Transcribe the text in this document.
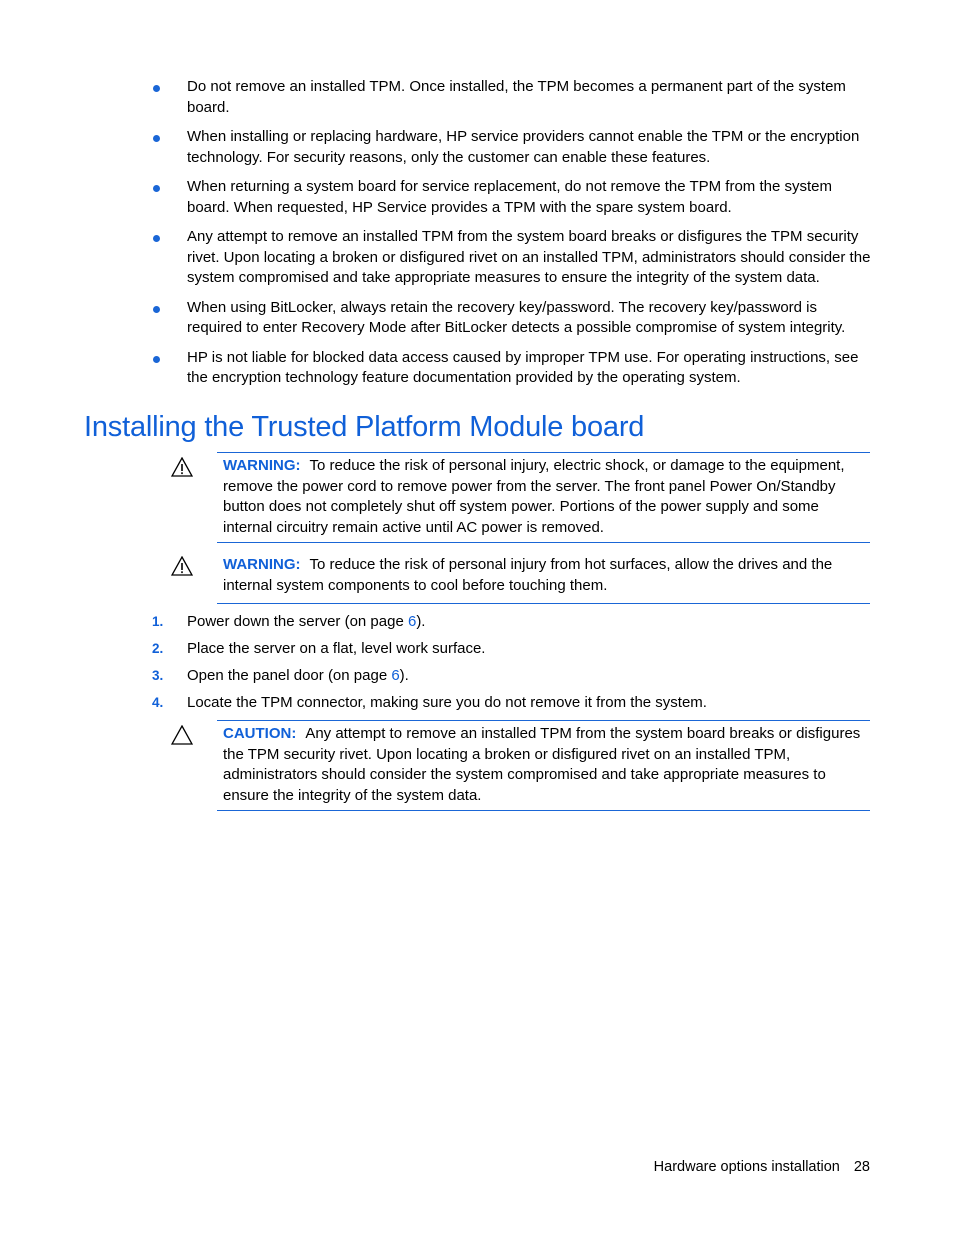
Do not remove an installed TPM. Once installed, the TPM becomes a permanent part of the system board.
When installing or replacing hardware, HP service providers cannot enable the TPM or the encryption technology. For security reasons, only the customer can enable these features.
When returning a system board for service replacement, do not remove the TPM from the system board. When requested, HP Service provides a TPM with the spare system board.
Any attempt to remove an installed TPM from the system board breaks or disfigures the TPM security rivet. Upon locating a broken or disfigured rivet on an installed TPM, administrators should consider the system compromised and take appropriate measures to ensure the integrity of the system data.
When using BitLocker, always retain the recovery key/password. The recovery key/password is required to enter Recovery Mode after BitLocker detects a possible compromise of system integrity.
HP is not liable for blocked data access caused by improper TPM use. For operating instructions, see the encryption technology feature documentation provided by the operating system.
Installing the Trusted Platform Module board
WARNING: To reduce the risk of personal injury, electric shock, or damage to the equipment, remove the power cord to remove power from the server. The front panel Power On/Standby button does not completely shut off system power. Portions of the power supply and some internal circuitry remain active until AC power is removed.
WARNING: To reduce the risk of personal injury from hot surfaces, allow the drives and the internal system components to cool before touching them.
1. Power down the server (on page 6).
2. Place the server on a flat, level work surface.
3. Open the panel door (on page 6).
4. Locate the TPM connector, making sure you do not remove it from the system.
CAUTION: Any attempt to remove an installed TPM from the system board breaks or disfigures the TPM security rivet. Upon locating a broken or disfigured rivet on an installed TPM, administrators should consider the system compromised and take appropriate measures to ensure the integrity of the system data.
Hardware options installation 28
